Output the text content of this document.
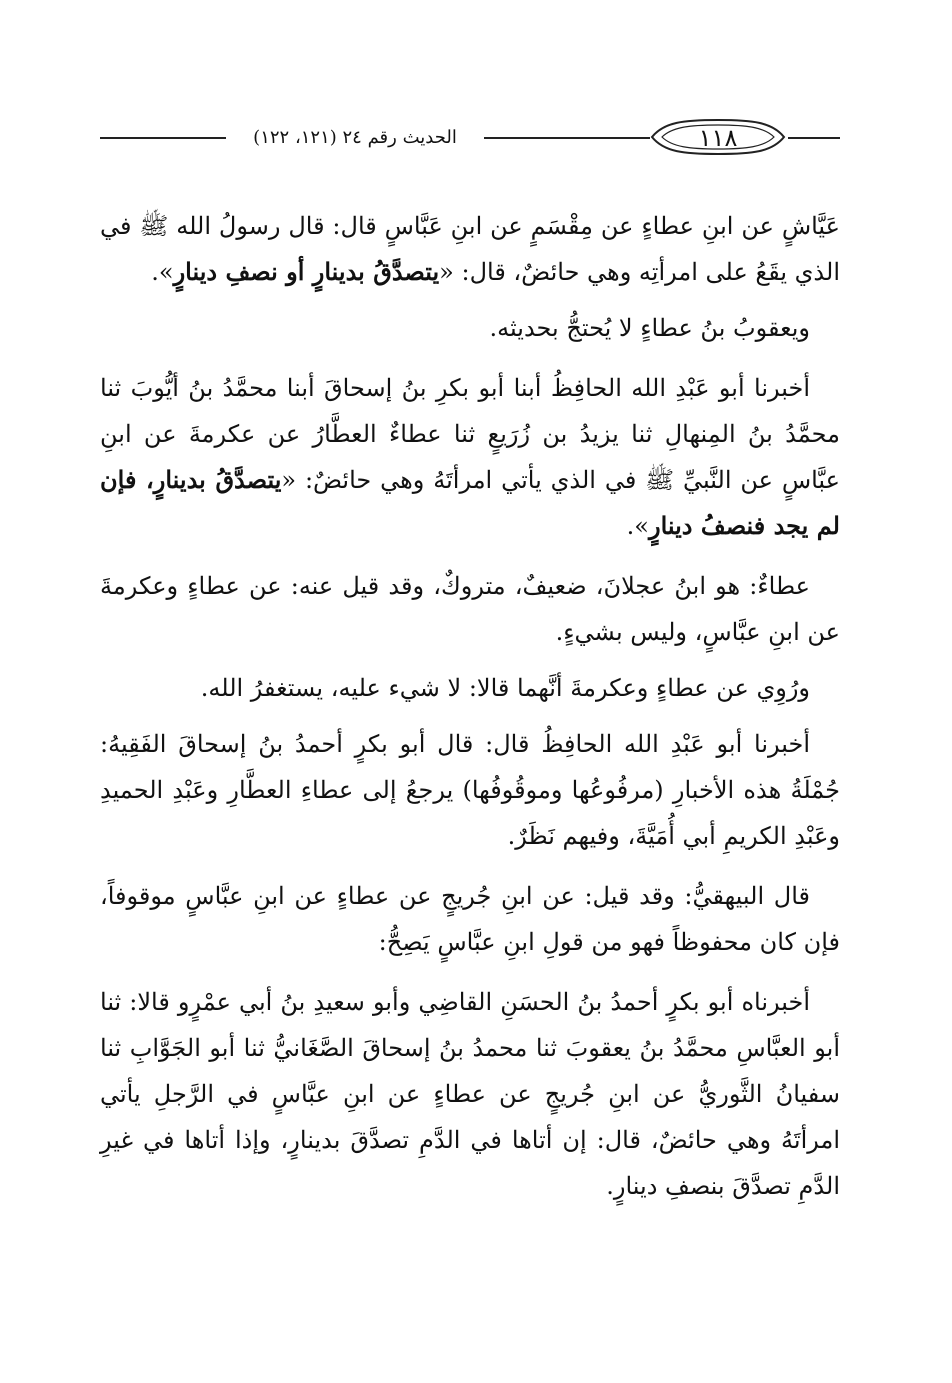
الحديث رقم ٢٤ (١٢١، ١٢٢)	١١٨

عَيَّاشٍ عن ابنِ عطاءٍ عن مِقْسَمٍ عن ابنِ عَبَّاسٍ قال: قال رسولُ الله ﷺ في الذي يقَعُ على امرأتِه وهي حائضٌ، قال: «يتصدَّقُ بدينارٍ أو نصفِ دينارٍ».

ويعقوبُ بنُ عطاءٍ لا يُحتجُّ بحديثه.

أخبرنا أبو عَبْدِ الله الحافِظُ أبنا أبو بكرِ بنُ إسحاقَ أبنا محمَّدُ بنُ أيُّوبَ ثنا محمَّدُ بنُ المِنهالِ ثنا يزيدُ بن زُرَيعٍ ثنا عطاءٌ العطَّارُ عن عكرمةَ عن ابنِ عبَّاسٍ عن النَّبيِّ ﷺ في الذي يأتي امرأتَهُ وهي حائضٌ: «يتصدَّقُ بدينارٍ، فإن لم يجد فنصفُ دينارٍ».

عطاءٌ: هو ابنُ عجلانَ، ضعيفٌ، متروكٌ، وقد قيل عنه: عن عطاءٍ وعكرمةَ عن ابنِ عبَّاسٍ، وليس بشيءٍ.

ورُوِي عن عطاءٍ وعكرمةَ أنَّهما قالا: لا شيء عليه، يستغفرُ الله.

أخبرنا أبو عَبْدِ الله الحافِظُ قال: قال أبو بكرٍ أحمدُ بنُ إسحاقَ الفَقِيهُ: جُمْلَةُ هذه الأخبارِ (مرفُوعُها وموقُوفُها) يرجعُ إلى عطاءِ العطَّارِ وعَبْدِ الحميدِ وعَبْدِ الكريمِ أبي أُمَيَّةَ، وفيهم نَظَرٌ.

قال البيهقيُّ: وقد قيل: عن ابنِ جُريجٍ عن عطاءٍ عن ابنِ عبَّاسٍ موقوفاً، فإن كان محفوظاً فهو من قولِ ابنِ عبَّاسٍ يَصِحُّ:

أخبرناه أبو بكرٍ أحمدُ بنُ الحسَنِ القاضِي وأبو سعيدِ بنُ أبي عمْرٍو قالا: ثنا أبو العبَّاسِ محمَّدُ بنُ يعقوبَ ثنا محمدُ بنُ إسحاقَ الصَّغَانيُّ ثنا أبو الجَوَّابِ ثنا سفيانُ الثَّوريُّ عن ابنِ جُريجٍ عن عطاءٍ عن ابنِ عبَّاسٍ في الرَّجلِ يأتي امرأتَهُ وهي حائضٌ، قال: إن أتاها في الدَّمِ تصدَّقَ بدينارٍ، وإذا أتاها في غيرِ الدَّمِ تصدَّقَ بنصفِ دينارٍ.
